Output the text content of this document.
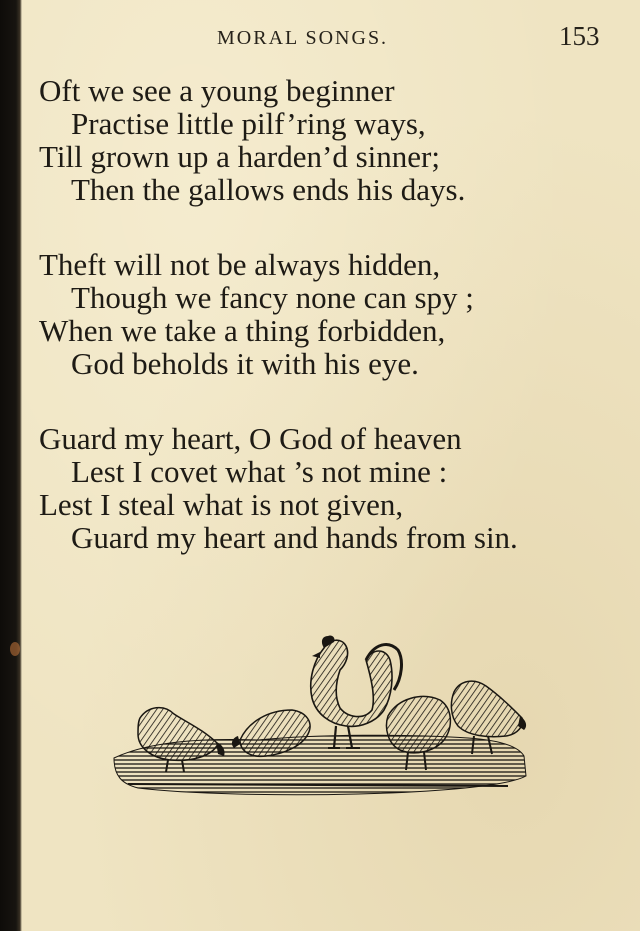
MORAL SONGS.	153
Oft we see a young beginner
Practise little pilf’ring ways,
Till grown up a harden’d sinner;
Then the gallows ends his days.
Theft will not be always hidden,
Though we fancy none can spy ;
When we take a thing forbidden,
God beholds it with his eye.
Guard my heart, O God of heaven
Lest I covet what ’s not mine :
Lest I steal what is not given,
Guard my heart and hands from sin.
